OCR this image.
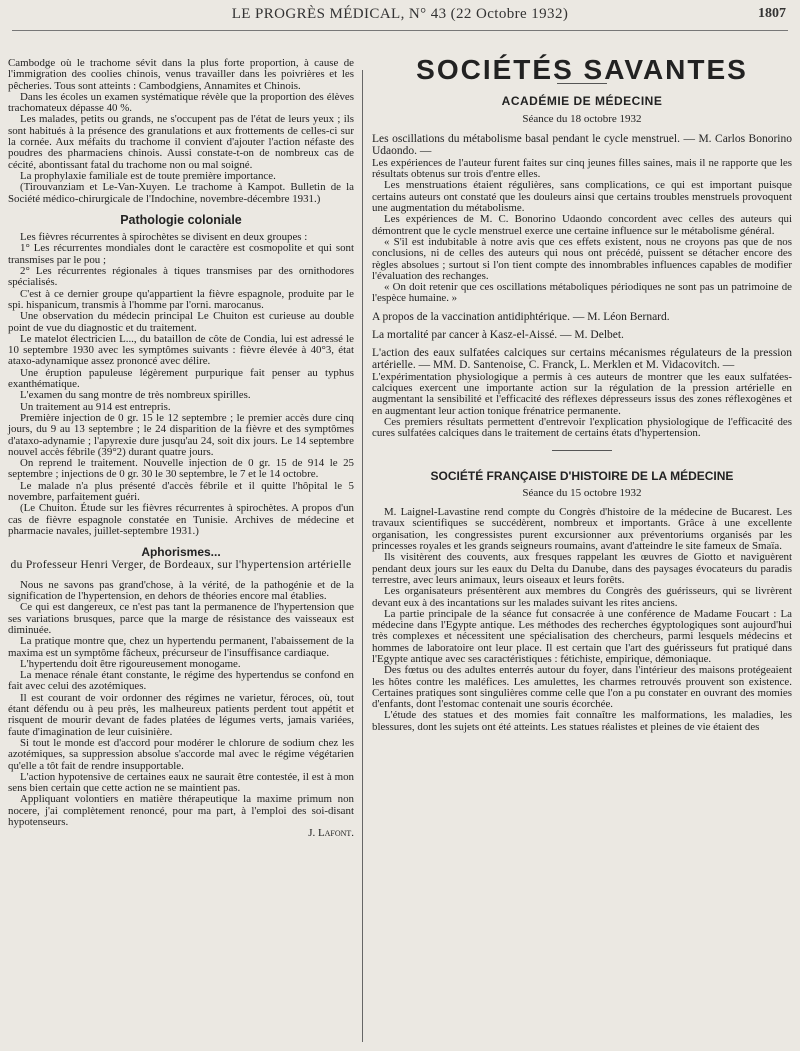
LE PROGRÈS MÉDICAL, N° 43 (22 Octobre 1932)	1807

Cambodge où le trachome sévit dans la plus forte proportion, à cause de l'immigration des coolies chinois, venus travailler dans les poivrières et les pêcheries. Tous sont atteints : Cambodgiens, Annamites et Chinois.

Dans les écoles un examen systématique révèle que la proportion des élèves trachomateux dépasse 40 %.

Les malades, petits ou grands, ne s'occupent pas de l'état de leurs yeux ; ils sont habitués à la présence des granulations et aux frottements de celles-ci sur la cornée. Aux méfaits du trachome il convient d'ajouter l'action néfaste des poudres des pharmaciens chinois. Aussi constate-t-on de nombreux cas de cécité, abontissant fatal du trachome non ou mal soigné.

La prophylaxie familiale est de toute première importance.

(Tirouvanziam et Le-Van-Xuyen. Le trachome à Kampot. Bulletin de la Société médico-chirurgicale de l'Indochine, novembre-décembre 1931.)

Pathologie coloniale

Les fièvres récurrentes à spirochètes se divisent en deux groupes :

1° Les récurrentes mondiales dont le caractère est cosmopolite et qui sont transmises par le pou ;

2° Les récurrentes régionales à tiques transmises par des ornithodores spécialisés.

C'est à ce dernier groupe qu'appartient la fièvre espagnole, produite par le spi. hispanicum, transmis à l'homme par l'orni. marocanus.

Une observation du médecin principal Le Chuiton est curieuse au double point de vue du diagnostic et du traitement.

Le matelot électricien L..., du bataillon de côte de Condia, lui est adressé le 10 septembre 1930 avec les symptômes suivants : fièvre élevée à 40°3, état ataxo-adynamique assez prononcé avec délire.

Une éruption papuleuse légèrement purpurique fait penser au typhus exanthématique.

L'examen du sang montre de très nombreux spirilles.

Un traitement au 914 est entrepris.

Première injection de 0 gr. 15 le 12 septembre ; le premier accès dure cinq jours, du 9 au 13 septembre ; le 24 disparition de la fièvre et des symptômes d'ataxo-adynamie ; l'apyrexie dure jusqu'au 24, soit dix jours. Le 14 septembre nouvel accès fébrile (39°2) durant quatre jours.

On reprend le traitement. Nouvelle injection de 0 gr. 15 de 914 le 25 septembre ; injections de 0 gr. 30 le 30 septembre, le 7 et le 14 octobre.

Le malade n'a plus présenté d'accès fébrile et il quitte l'hôpital le 5 novembre, parfaitement guéri.

(Le Chuiton. Étude sur les fièvres récurrentes à spirochètes. A propos d'un cas de fièvre espagnole constatée en Tunisie. Archives de médecine et pharmacie navales, juillet-septembre 1931.)

Aphorismes...
du Professeur Henri Verger, de Bordeaux, sur l'hypertension artérielle

Nous ne savons pas grand'chose, à la vérité, de la pathogénie et de la signification de l'hypertension, en dehors de théories encore mal établies.

Ce qui est dangereux, ce n'est pas tant la permanence de l'hypertension que ses variations brusques, parce que la marge de résistance des vaisseaux est diminuée.

La pratique montre que, chez un hypertendu permanent, l'abaissement de la maxima est un symptôme fâcheux, précurseur de l'insuffisance cardiaque.

L'hypertendu doit être rigoureusement monogame.

La menace rénale étant constante, le régime des hypertendus se confond en fait avec celui des azotémiques.

Il est courant de voir ordonner des régimes ne varietur, féroces, où, tout étant défendu ou à peu près, les malheureux patients perdent tout appétit et risquent de mourir devant de fades platées de légumes verts, jamais variées, faute d'imagination de leur cuisinière.

Si tout le monde est d'accord pour modérer le chlorure de sodium chez les azotémiques, sa suppression absolue s'accorde mal avec le régime végétarien qu'elle a tôt fait de rendre insupportable.

L'action hypotensive de certaines eaux ne saurait être contestée, il est à mon sens bien certain que cette action ne se maintient pas.

Appliquant volontiers en matière thérapeutique la maxime primum non nocere, j'ai complètement renoncé, pour ma part, à l'emploi des soi-disant hypotenseurs.

J. Lafont.
SOCIÉTÉS SAVANTES
ACADÉMIE DE MÉDECINE
Séance du 18 octobre 1932
Les oscillations du métabolisme basal pendant le cycle menstruel. — M. Carlos Bonorino Udaondo. —

Les expériences de l'auteur furent faites sur cinq jeunes filles saines, mais il ne rapporte que les résultats obtenus sur trois d'entre elles.

Les menstruations étaient régulières, sans complications, ce qui est important puisque certains auteurs ont constaté que les douleurs ainsi que certains troubles menstruels provoquent une augmentation du métabolisme.

Les expériences de M. C. Bonorino Udaondo concordent avec celles des auteurs qui démontrent que le cycle menstruel exerce une certaine influence sur le métabolisme général.

« S'il est indubitable à notre avis que ces effets existent, nous ne croyons pas que de nos conclusions, ni de celles des auteurs qui nous ont précédé, puissent se détacher encore des règles absolues ; surtout si l'on tient compte des innombrables influences capables de modifier l'évaluation des rechanges.

« On doit retenir que ces oscillations métaboliques périodiques ne sont pas un patrimoine de l'espèce humaine. »

A propos de la vaccination antidiphtérique. — M. Léon Bernard.
La mortalité par cancer à Kasz-el-Aissé. — M. Delbet.
L'action des eaux sulfatées calciques sur certains mécanismes régulateurs de la pression artérielle. — MM. D. Santenoise, C. Franck, L. Merklen et M. Vidacovitch. —

L'expérimentation physiologique a permis à ces auteurs de montrer que les eaux sulfatées-calciques exercent une importante action sur la régulation de la pression artérielle en augmentant la sensibilité et l'efficacité des réflexes dépresseurs issus des zones réflexogènes et en augmentant leur action tonique frénatrice permanente.

Ces premiers résultats permettent d'entrevoir l'explication physiologique de l'efficacité des cures sulfatées calciques dans le traitement de certains états d'hypertension.

SOCIÉTÉ FRANÇAISE D'HISTOIRE DE LA MÉDECINE
Séance du 15 octobre 1932

M. Laignel-Lavastine rend compte du Congrès d'histoire de la médecine de Bucarest. Les travaux scientifiques se succédèrent, nombreux et importants. Grâce à une excellente organisation, les congressistes purent excursionner aux préventoriums organisés par les princesses royales et les grands seigneurs roumains, avant d'atteindre le site fameux de Smaïa.

Ils visitèrent des couvents, aux fresques rappelant les œuvres de Giotto et naviguèrent pendant deux jours sur les eaux du Delta du Danube, dans des paysages évocateurs du paradis terrestre, avec leurs animaux, leurs oiseaux et leurs forêts.

Les organisateurs présentèrent aux membres du Congrès des guérisseurs, qui se livrèrent devant eux à des incantations sur les malades suivant les rites anciens.

La partie principale de la séance fut consacrée à une conférence de Madame Foucart : La médecine dans l'Egypte antique. Les méthodes des recherches égyptologiques sont aujourd'hui très complexes et nécessitent une spécialisation des chercheurs, parmi lesquels médecins et hommes de laboratoire ont leur place. Il est certain que l'art des guérisseurs fut pratiqué dans l'Egypte antique avec ses caractéristiques : fétichiste, empirique, démoniaque.

Des fœtus ou des adultes enterrés autour du foyer, dans l'intérieur des maisons protégeaient les hôtes contre les maléfices. Les amulettes, les charmes retrouvés prouvent son existence. Certaines pratiques sont singulières comme celle que l'on a pu constater en ouvrant des momies d'enfants, dont l'estomac contenait une souris écorchée.

L'étude des statues et des momies fait connaître les malformations, les maladies, les blessures, dont les sujets ont été atteints. Les statues réalistes et pleines de vie étaient des
